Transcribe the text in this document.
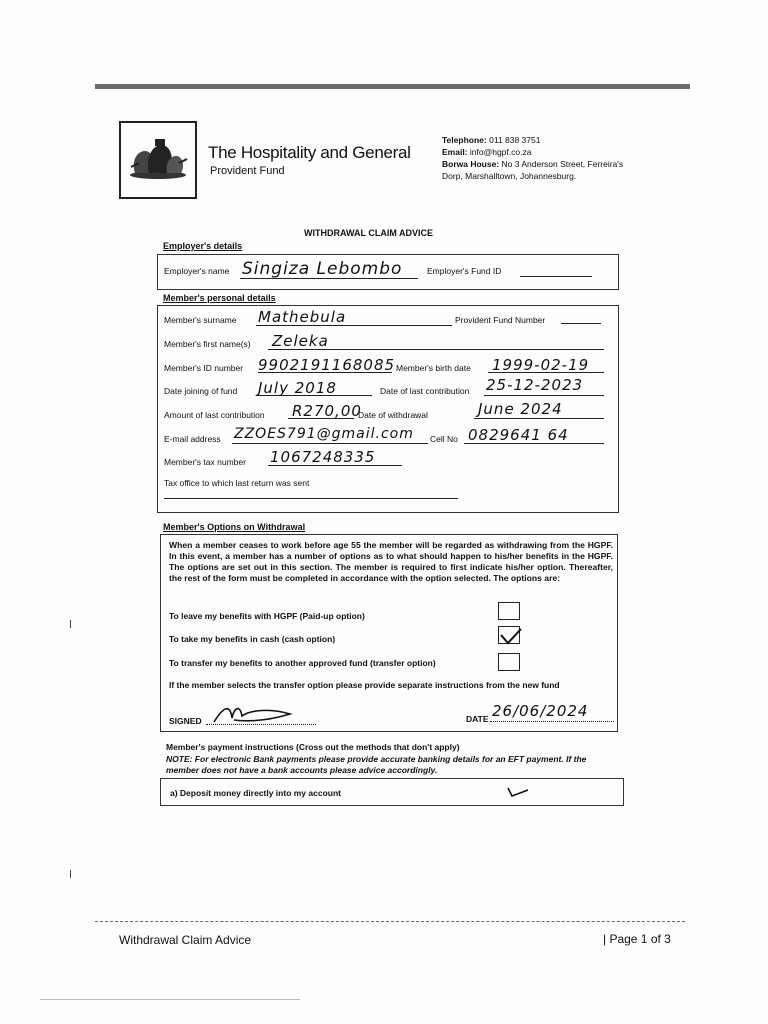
The Hospitality and General
Provident Fund
Telephone: 011 838 3751
Email: info@hgpf.co.za
Borwa House: No 3 Anderson Street, Ferreira's
Dorp, Marshalltown, Johannesburg.
WITHDRAWAL CLAIM ADVICE
Employer's details
Employer's name Singiza Lebombo	Employer's Fund ID
Member's personal details
Member's surname Mathebula	Provident Fund Number
Member's first name(s) Zeleka
Member's ID number 9902191168085 Member's birth date 1999-02-19
Date joining of fund July 2018	Date of last contribution 25-12-2023
Amount of last contribution R270,00
Date of withdrawal	June 2024
E-mail address ZZOES791@gmail.com Cell No 0829641 64
Member's tax number 1067248335
Tax office to which last return was sent
Member's Options on Withdrawal
When a member ceases to work before age 55 the member will be regarded as withdrawing from the HGPF. In this event, a member has a number of options as to what should happen to his/her benefits in the HGPF. The options are set out in this section. The member is required to first indicate his/her option. Thereafter, the rest of the form must be completed in accordance with the option selected. The options are:
To leave my benefits with HGPF (Paid-up option)
To take my benefits in cash (cash option)
To transfer my benefits to another approved fund (transfer option)
If the member selects the transfer option please provide separate instructions from the new fund
SIGNED	DATE 26/06/2024
Member's payment instructions (Cross out the methods that don't apply)
NOTE: For electronic Bank payments please provide accurate banking details for an EFT payment. If the member does not have a bank accounts please advice accordingly.
a) Deposit money directly into my account
Withdrawal Claim Advice	| Page 1 of 3
